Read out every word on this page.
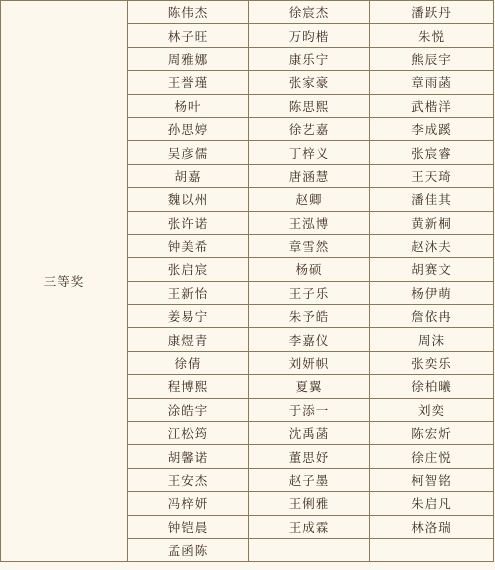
三等奖	陈伟杰	徐宸杰	潘跃丹
	林子旺	万昀楷	朱悦
	周雅娜	康乐宁	熊辰宇
	王誉瑾	张家豪	章雨菡
	杨叶	陈思熙	武楷洋
	孙思婷	徐艺嘉	李成蹊
	吴彦儒	丁梓义	张宸睿
	胡嘉	唐涵慧	王天琦
	魏以州	赵卿	潘佳其
	张许诺	王泓博	黄新桐
	钟美希	章雪然	赵沐夫
	张启宸	杨硕	胡赛文
	王新怡	王子乐	杨伊萌
	姜易宁	朱予皓	詹依冉
	康煜青	李嘉仪	周沫
	徐倩	刘妍帜	张奕乐
	程博熙	夏翼	徐柏曦
	涂皓宇	于添一	刘奕
	江松筠	沈禹菡	陈宏炘
	胡馨诺	董思妤	徐庄悦
	王安杰	赵子墨	柯智铭
	冯梓妍	王俐雅	朱启凡
	钟铠晨	王成霖	林洛瑞
	孟函陈		
